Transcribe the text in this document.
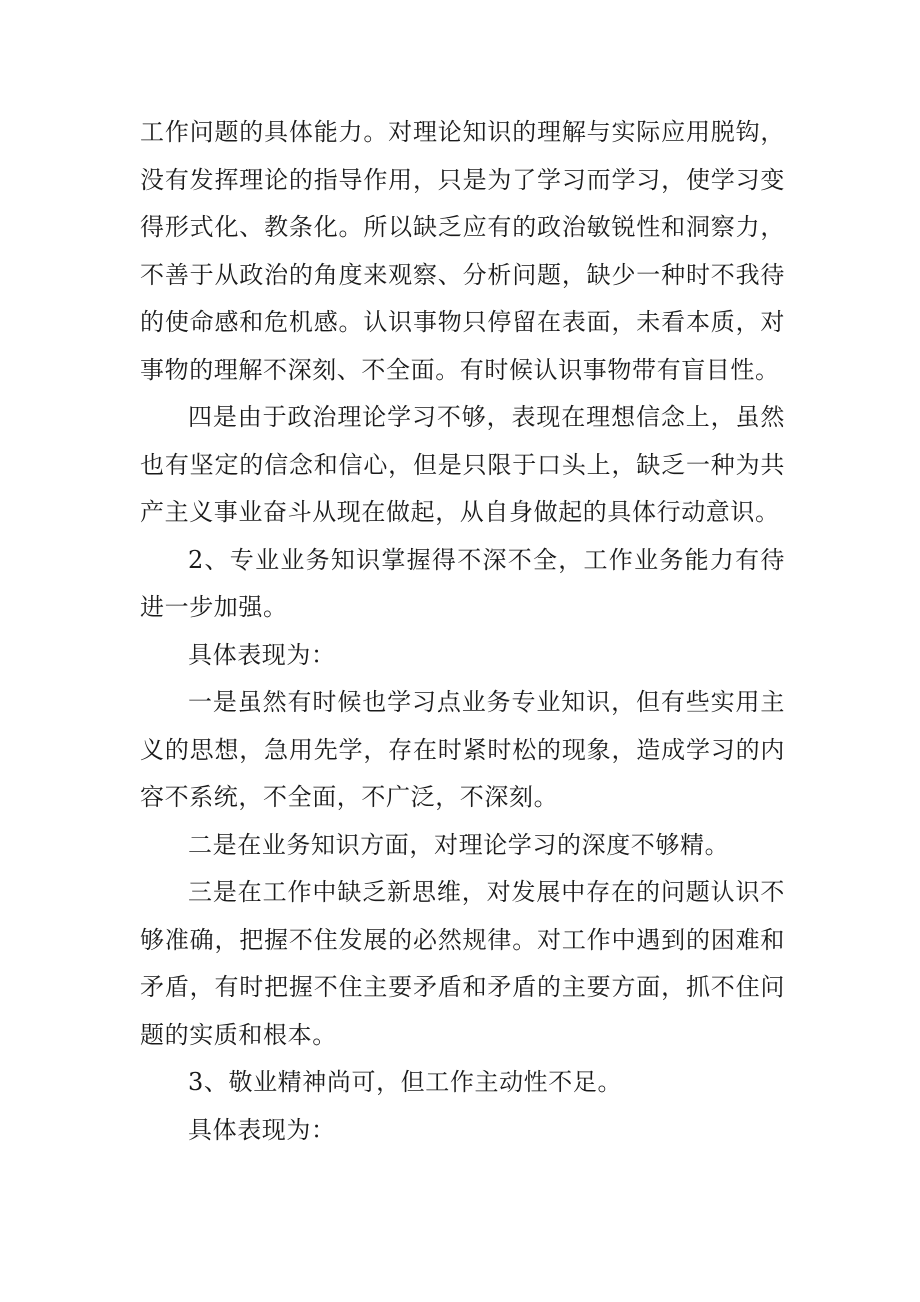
工作问题的具体能力。对理论知识的理解与实际应用脱钩，没有发挥理论的指导作用，只是为了学习而学习，使学习变得形式化、教条化。所以缺乏应有的政治敏锐性和洞察力，不善于从政治的角度来观察、分析问题，缺少一种时不我待的使命感和危机感。认识事物只停留在表面，未看本质，对事物的理解不深刻、不全面。有时候认识事物带有盲目性。

四是由于政治理论学习不够，表现在理想信念上，虽然也有坚定的信念和信心，但是只限于口头上，缺乏一种为共产主义事业奋斗从现在做起，从自身做起的具体行动意识。

2、专业业务知识掌握得不深不全，工作业务能力有待进一步加强。

具体表现为：

一是虽然有时候也学习点业务专业知识，但有些实用主义的思想，急用先学，存在时紧时松的现象，造成学习的内容不系统，不全面，不广泛，不深刻。

二是在业务知识方面，对理论学习的深度不够精。

三是在工作中缺乏新思维，对发展中存在的问题认识不够准确，把握不住发展的必然规律。对工作中遇到的困难和矛盾，有时把握不住主要矛盾和矛盾的主要方面，抓不住问题的实质和根本。

3、敬业精神尚可，但工作主动性不足。

具体表现为：
